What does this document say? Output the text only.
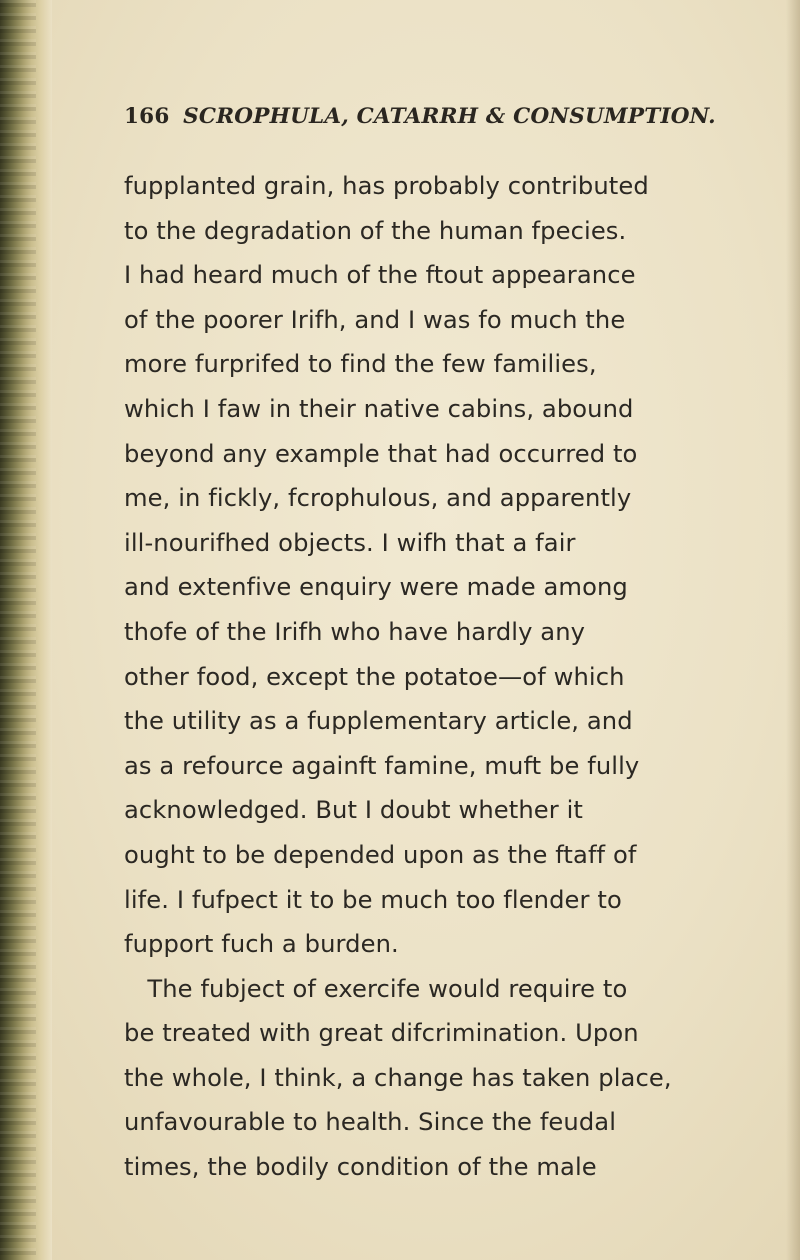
166 SCROPHULA, CATARRH & CONSUMPTION.
fupplanted grain, has probably contributed
to the degradation of the human fpecies.
I had heard much of the ftout appearance
of the poorer Irifh, and I was fo much the
more furprifed to find the few families,
which I faw in their native cabins, abound
beyond any example that had occurred to
me, in fickly, fcrophulous, and apparently
ill-nourifhed objects. I wifh that a fair
and extenfive enquiry were made among
thofe of the Irifh who have hardly any
other food, except the potatoe—of which
the utility as a fupplementary article, and
as a refource againft famine, muft be fully
acknowledged. But I doubt whether it
ought to be depended upon as the ftaff of
life. I fufpect it to be much too flender to
fupport fuch a burden.
The fubject of exercife would require to
be treated with great difcrimination. Upon
the whole, I think, a change has taken place,
unfavourable to health. Since the feudal
times, the bodily condition of the male
